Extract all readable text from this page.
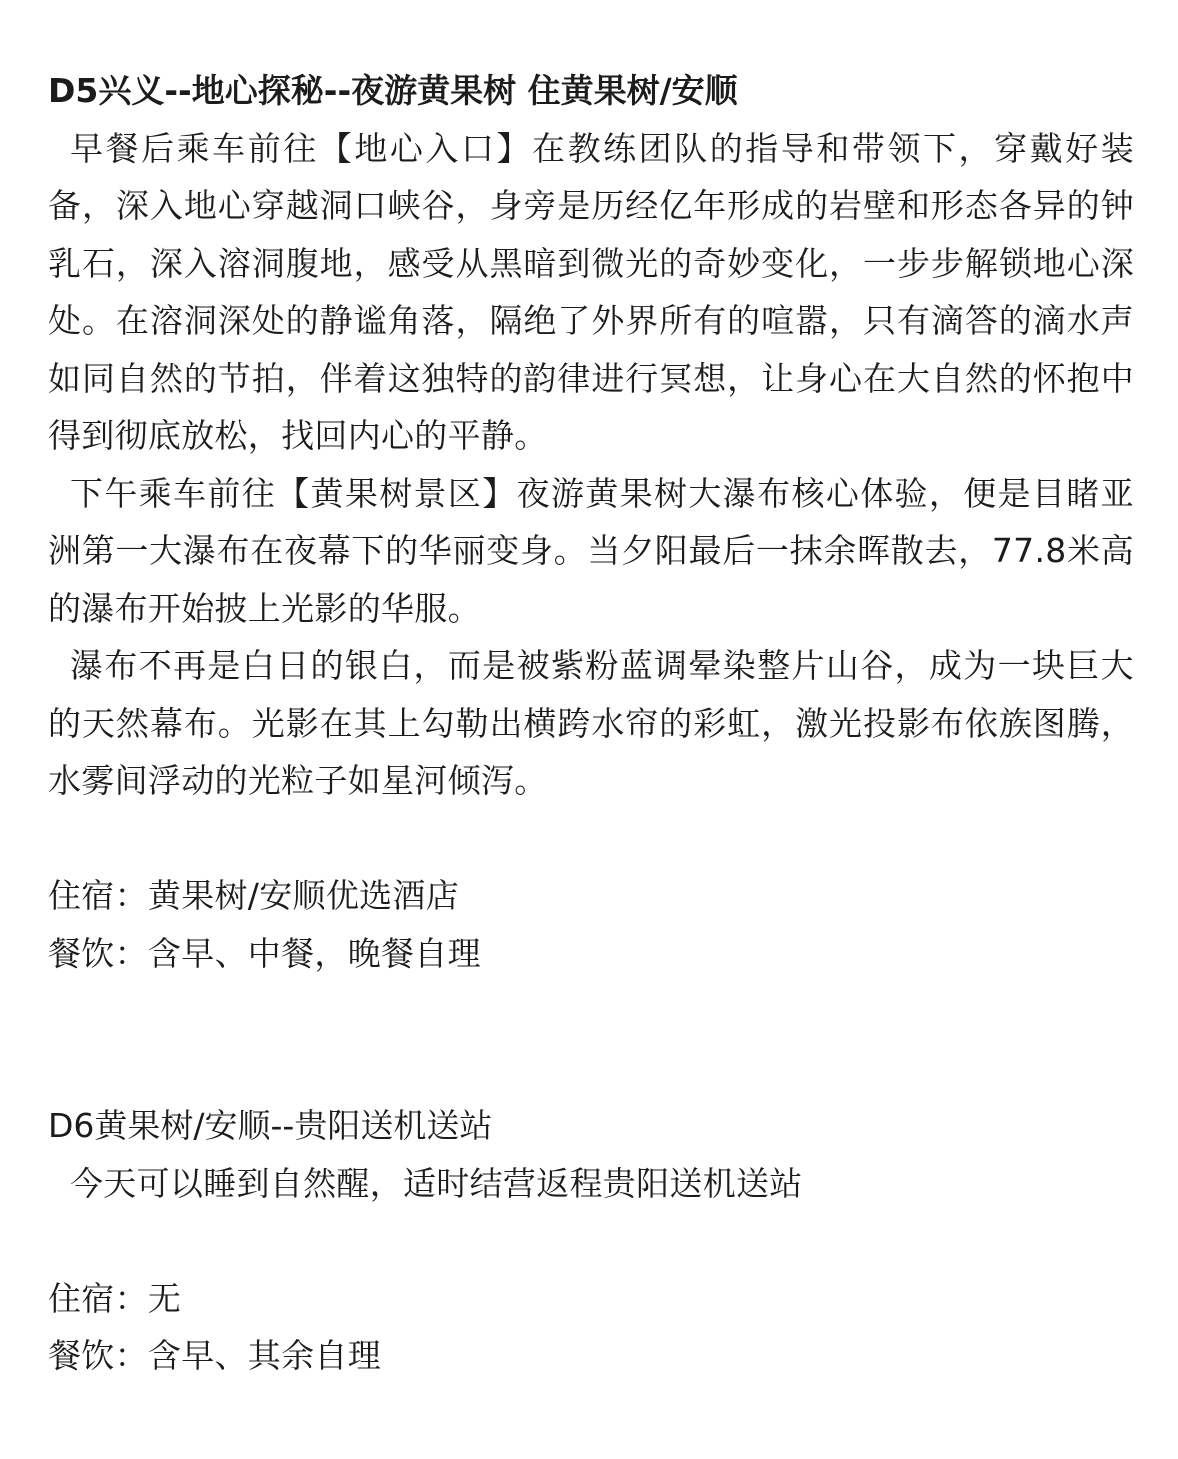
D5兴义--地心探秘--夜游黄果树 住黄果树/安顺

早餐后乘车前往【地心入口】在教练团队的指导和带领下，穿戴好装备，深入地心穿越洞口峡谷，身旁是历经亿年形成的岩壁和形态各异的钟乳石，深入溶洞腹地，感受从黑暗到微光的奇妙变化，一步步解锁地心深处。在溶洞深处的静谧角落，隔绝了外界所有的喧嚣，只有滴答的滴水声如同自然的节拍，伴着这独特的韵律进行冥想，让身心在大自然的怀抱中得到彻底放松，找回内心的平静。

下午乘车前往【黄果树景区】夜游黄果树大瀑布核心体验，便是目睹亚洲第一大瀑布在夜幕下的华丽变身。当夕阳最后一抹余晖散去，77.8米高的瀑布开始披上光影的华服。

瀑布不再是白日的银白，而是被紫粉蓝调晕染整片山谷，成为一块巨大的天然幕布。光影在其上勾勒出横跨水帘的彩虹，激光投影布依族图腾，水雾间浮动的光粒子如星河倾泻。

住宿：黄果树/安顺优选酒店

餐饮：含早、中餐，晚餐自理

D6黄果树/安顺--贵阳送机送站

今天可以睡到自然醒，适时结营返程贵阳送机送站

住宿：无

餐饮：含早、其余自理
